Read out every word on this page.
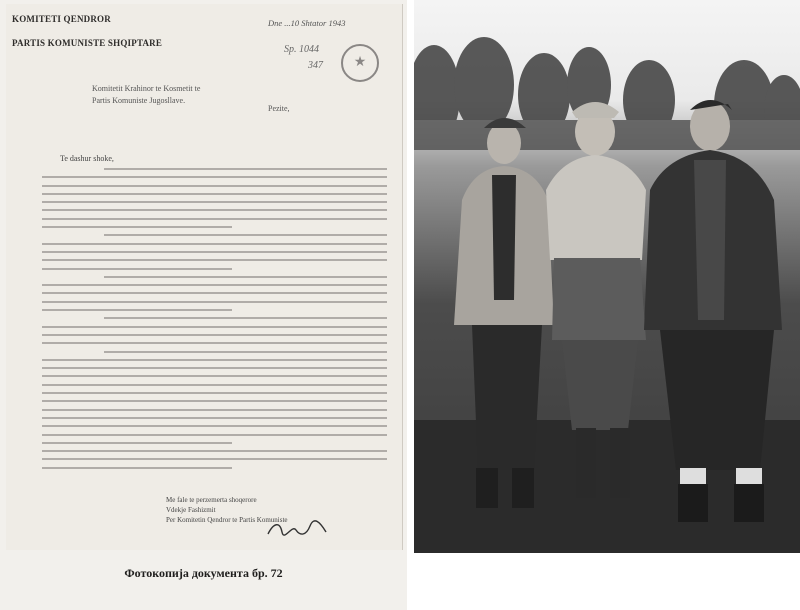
KOMITETI QENDROR
PARTIS KOMUNISTE SHQIPTARE
Dne ...10 Shtator 1943
Sp. 1044
347
★
Komitetit Krahinor te Kosmetit te
Partis Komuniste Jugosllave.
Pezite,
Te dashur shoke,
Me fale te perzemerta shoqerore
Vdekje Fashizmit
Per Komitetin Qendror te Partis Komuniste
Фотокопија документа бр. 72
